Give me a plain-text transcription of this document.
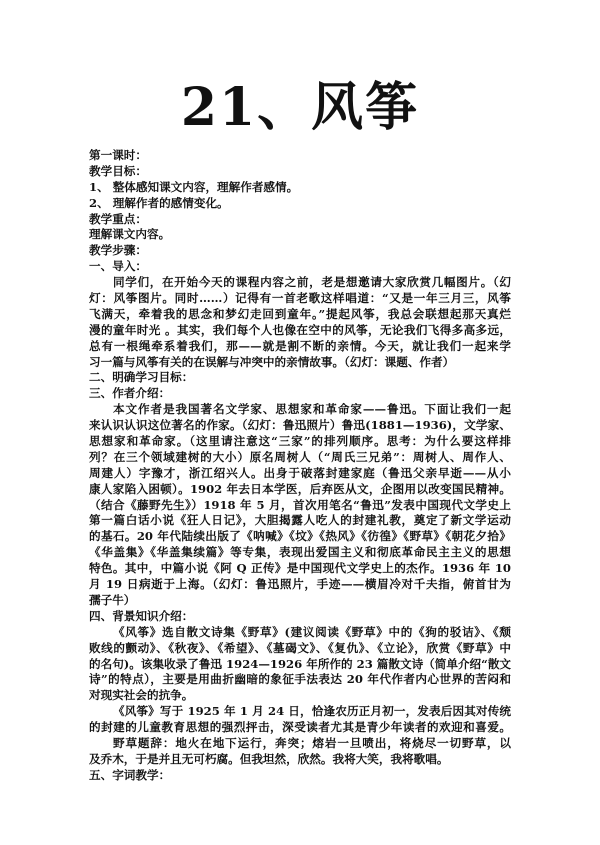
21、风筝
第一课时：
教学目标：
1、 整体感知课文内容，理解作者感情。
2、 理解作者的感情变化。
教学重点：
理解课文内容。
教学步骤：
一、导入：
同学们，在开始今天的课程内容之前，老是想邀请大家欣赏几幅图片。（幻
灯：风筝图片。同时……）记得有一首老歌这样唱道：“又是一年三月三，风筝
飞满天，牵着我的思念和梦幻走回到童年。”提起风筝，我总会联想起那天真烂
漫的童年时光 。其实，我们每个人也像在空中的风筝，无论我们飞得多高多远，
总有一根绳牵系着我们，那——就是割不断的亲情。今天，就让我们一起来学
习一篇与风筝有关的在误解与冲突中的亲情故事。（幻灯：课题、作者）
二、明确学习目标：
三、作者介绍：
本文作者是我国著名文学家、思想家和革命家——鲁迅。下面让我们一起
来认识认识这位著名的作家。（幻灯：鲁迅照片）鲁迅(1881—1936)，文学家、
思想家和革命家。（这里请注意这“三家”的排列顺序。思考：为什么要这样排
列？在三个领域建树的大小）原名周树人（“周氏三兄弟”：周树人、周作人、
周建人）字豫才，浙江绍兴人。出身于破落封建家庭（鲁迅父亲早逝——从小
康人家陷入困顿）。1902 年去日本学医，后弃医从文，企图用以改变国民精神。
（结合《藤野先生》）1918 年 5 月，首次用笔名“鲁迅”发表中国现代文学史上
第一篇白话小说《狂人日记》，大胆揭露人吃人的封建礼教，奠定了新文学运动
的基石。20 年代陆续出版了《呐喊》《坟》《热风》《彷徨》《野草》《朝花夕拾》
《华盖集》《华盖集续篇》等专集，表现出爱国主义和彻底革命民主主义的思想
特色。其中，中篇小说《阿 Q 正传》是中国现代文学史上的杰作。1936 年 10
月 19 日病逝于上海。（幻灯：鲁迅照片，手迹——横眉冷对千夫指，俯首甘为
孺子牛）
四、背景知识介绍：
《风筝》选自散文诗集《野草》(建议阅读《野草》中的《狗的驳诘》、《颓
败线的颤动》、《秋夜》、《希望》、《墓碣文》、《复仇》、《立论》，欣赏《野草》中
的名句)。该集收录了鲁迅 1924—1926 年所作的 23 篇散文诗（简单介绍“散文
诗”的特点），主要是用曲折幽暗的象征手法表达 20 年代作者内心世界的苦闷和
对现实社会的抗争。
《风筝》写于 1925 年 1 月 24 日，恰逢农历正月初一，发表后因其对传统
的封建的儿童教育思想的强烈抨击，深受读者尤其是青少年读者的欢迎和喜爱。
野草题辞：地火在地下运行，奔突；熔岩一旦喷出，将烧尽一切野草，以
及乔木，于是并且无可朽腐。但我坦然，欣然。我将大笑，我将歌唱。
五、字词教学：
